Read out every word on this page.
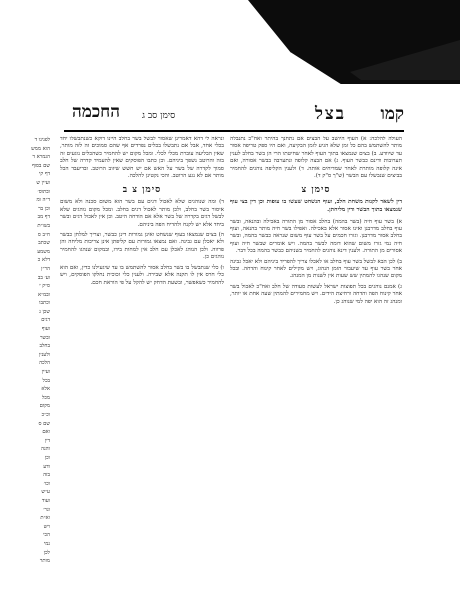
קמו
בצל
סימן סב ג
החכמה

העולה להלכה: א) העוף היושב על הבצים אם נתחנך בהיתר ואח"כ נתנבלה מותר להשתמש בהם כל זמן שלא הגיע לזמן הבקיעה, ואם היו ספק טריפה אסור עד שיוודע. ב) בצים שנמצאו בתוך העוף לאחר שחיטתו הרי הן בשר בחלב לענין תערובות ודינם כבשר העוף. ג) אם הבצה קלופה ונתערבה בבשר אסורה, ואם אינה קלופה מותרת לאחר שמדיחים אותה. ד) ולענין הקליפה נוהגים להחמיר בביצים שנבשלו עם הבשר (ש"ך ס"ק ד).

סימן צ

דין לשאר לקנות משחת חלב, ועוף הנשחט שעשו בו עופות וכן דין בצי עוף שנמצאו בתוך הבשר ודין מליחתן.

א) בשר עוף חיה (בשר בהמה) בחלב אסור מן התורה באכילה ובהנאה, ובשר עוף בחלב מדרבנן ואינו אסור אלא באכילה. ואפילו בשר חיה מותר בהנאה, ועוף בחלב אסור מדרבנן. וגזרו חכמים על בשר עוף משום שנראה כבשר בהמה, ובשר חיה נמי גזרו משום שהוא דומה לבשר בהמה. ויש אומרים שבשר חיה ועוף אסורים מן התורה. ולענין דינא נוהגים להחמיר בשניהם כבשר בהמה בכל דבר.

ב) לכן הבא לבשל בשר עוף בחלב או לאכלו צריך להפריד ביניהם ולא יאכל גבינה אחר בשר עוף עד שיעבור הזמן הנהוג, ויש מקילים לאחר קינוח והדחה. ובכל מקום שנהגו להמתין שש שעות אין לשנות מן המנהג.

ג) אמנם נוהגים בכל תפוצות ישראל לעשות סעודה של חלב ואח"כ לאכול בשר אחר קינוח הפה והדחה ורחיצת הידים. ויש מחמירים להמתין שעה אחת או יותר, ומנהג זה הוא יפה למי שנוהג כן.

ונראה לי דהא דאמרינן שאסור לבשל בשר בחלב היינו דוקא כשנתבשלו יחד בכלי אחד, אבל אם נתבשלו בכלים נפרדים אף שהם סמוכים זה לזה מותר, שאין הבליעה עוברת מכלי לכלי. ומכל מקום יש להחמיר כשהכלים נוגעים זה בזה והרוטב נשפך ביניהם. וכן כתבו הפוסקים שאין להעמיד קדרה של חלב סמוך לקדרה של בשר על האש אם יש חשש שיזוב הרוטב. ובדיעבד הכל מותר אם לא נגע הרוטב. והכי נקטינן להלכה.

סימן צ ב

ד) ומה שנוהגים שלא לאכול דגים עם בשר הוא משום סכנה ולא משום איסור בשר בחלב, ולכן מותר לאכול דגים בחלב. ומכל מקום נוהגים שלא לבשל דגים בקדרה של בשר אלא אם הודחה היטב. וכן אין לאכול דגים ובשר ביחד אלא יש לקנח ולהדיח הפה ביניהם.

ה) בצים שנמצאו בעוף שנשחט ואינן גמורות דינן כבשר, וצריך למלחן כבשר ולא יאכלן עם גבינה. ואם נמצאו גמורות עם קליפתן אינן צריכות מליחה והן פרווה. ולכן הנוהג לאכלן עם חלב אין למחות בידו, ובמקום שנהגו להחמיר נוהגים כן.

ו) כלי שנתבשל בו בשר בחלב אסור להשתמש בו עד שיגעילנו כדין, ואם הוא כלי חרס אין לו תקנה אלא שבירה. ולענין כלי זכוכית נחלקו הפוסקים, ויש להחמיר כשאפשר, ובשעת הדחק יש להקל על פי הוראת חכם.

לפנינו ד
הוא ממש
הגמרא ד
שם בסוף
דף קי
ועיין ש
ובתוס׳
ד״ה ומ
וכן בר
דף מב
בשו״ת
ח״ב ס
שכתב
משמע
דלא כ
הר״ן
וע׳ בב
ס״ק י
ובמ״א
וכתבו
שכן נ
דגים
ועוף
ובשר
בחלב
ולענין
הלכה
ועיין
בכל
אלא
מכל
מקום
וכ״כ
שם ס
ואם
דין
והנה
וכן
ודע
בזה
וכו׳
ע״ש
ועוד
ונר׳
וא״ת
ויש
הכי
נמי
לכן
מותר
